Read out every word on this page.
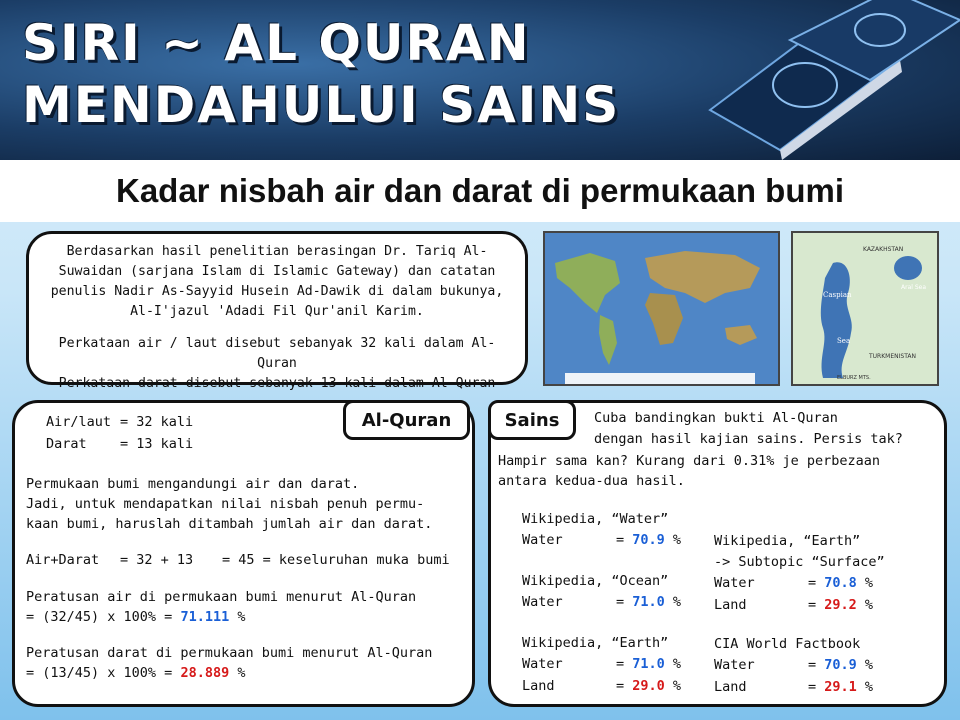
SIRI ~ AL QURAN
MENDAHULUI SAINS
Kadar nisbah air dan darat di permukaan bumi

Berdasarkan hasil penelitian berasingan Dr. Tariq Al-

Suwaidan (sarjana Islam di Islamic Gateway) dan catatan

penulis Nadir As-Sayyid Husein Ad-Dawik di dalam bukunya,

Al-I'jazul 'Adadi Fil Qur'anil Karim.

Perkataan air / laut disebut sebanyak 32 kali dalam Al-Quran

Perkataan darat disebut sebanyak 13 kali dalam Al-Quran

KAZAKHSTAN
Aral Sea
Caspian
Sea
TURKMENISTAN
ELBURZ MTS.
Al-Quran
Air/laut = 32 kali
Darat = 13 kali
Permukaan bumi mengandungi air dan darat.
Jadi, untuk mendapatkan nilai nisbah penuh permu-
kaan bumi, haruslah ditambah jumlah air dan darat.
Air+Darat = 32 + 13 = 45 = keseluruhan muka bumi
Peratusan air di permukaan bumi menurut Al-Quran
= (32/45) x 100% = 71.111 %
Peratusan darat di permukaan bumi menurut Al-Quran
= (13/45) x 100% = 28.889 %
Sains	Cuba bandingkan bukti Al-Quran
dengan hasil kajian sains. Persis tak?
Hampir sama kan? Kurang dari 0.31% je perbezaan
antara kedua-dua hasil.
Wikipedia, “Water”
Water	= 70.9 %
Wikipedia, “Ocean”
Water	= 71.0 %
Wikipedia, “Earth”
Water	= 71.0 %
Land	= 29.0 %
Wikipedia, “Earth”
-> Subtopic “Surface”
Water	= 70.8 %
Land	= 29.2 %
CIA World Factbook
Water	= 70.9 %
Land	= 29.1 %
